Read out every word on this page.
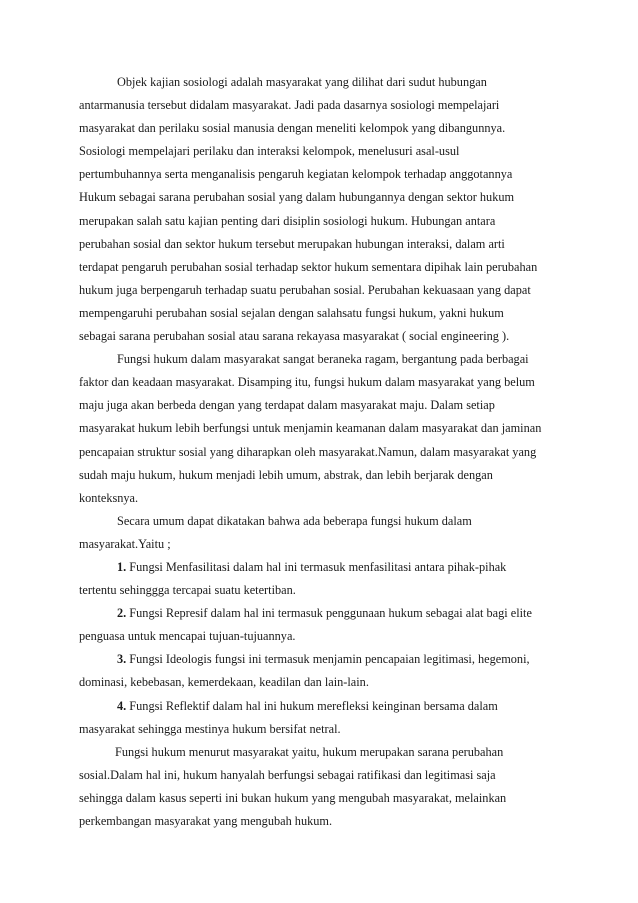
Objek kajian sosiologi adalah masyarakat yang dilihat dari sudut hubungan
antarmanusia tersebut didalam masyarakat. Jadi pada dasarnya sosiologi mempelajari
masyarakat dan perilaku sosial manusia dengan meneliti kelompok yang dibangunnya.
Sosiologi mempelajari perilaku dan interaksi kelompok, menelusuri asal-usul
pertumbuhannya serta menganalisis pengaruh kegiatan kelompok terhadap anggotannya
Hukum sebagai sarana perubahan sosial yang dalam hubungannya dengan sektor hukum
merupakan salah satu kajian penting dari disiplin sosiologi hukum. Hubungan antara
perubahan sosial dan sektor hukum tersebut merupakan hubungan interaksi, dalam arti
terdapat pengaruh perubahan sosial terhadap sektor hukum sementara dipihak lain perubahan
hukum juga berpengaruh terhadap suatu perubahan sosial. Perubahan kekuasaan yang dapat
mempengaruhi perubahan sosial sejalan dengan salahsatu fungsi hukum, yakni hukum
sebagai sarana perubahan sosial atau sarana rekayasa masyarakat ( social engineering ).
Fungsi hukum dalam masyarakat sangat beraneka ragam, bergantung pada berbagai
faktor dan keadaan masyarakat. Disamping itu, fungsi hukum dalam masyarakat yang belum
maju juga akan berbeda dengan yang terdapat dalam masyarakat maju. Dalam setiap
masyarakat hukum lebih berfungsi untuk menjamin keamanan dalam masyarakat dan jaminan
pencapaian struktur sosial yang diharapkan oleh masyarakat.Namun, dalam masyarakat yang
sudah maju hukum, hukum menjadi lebih umum, abstrak, dan lebih berjarak dengan
konteksnya.
Secara umum dapat dikatakan bahwa ada beberapa fungsi hukum dalam
masyarakat.Yaitu ;
1. Fungsi Menfasilitasi dalam hal ini termasuk menfasilitasi antara pihak-pihak
tertentu sehinggga tercapai suatu ketertiban.
2. Fungsi Represif dalam hal ini termasuk penggunaan hukum sebagai alat bagi elite
penguasa untuk mencapai tujuan-tujuannya.
3. Fungsi Ideologis fungsi ini termasuk menjamin pencapaian legitimasi, hegemoni,
dominasi, kebebasan, kemerdekaan, keadilan dan lain-lain.
4. Fungsi Reflektif dalam hal ini hukum merefleksi keinginan bersama dalam
masyarakat sehingga mestinya hukum bersifat netral.
Fungsi hukum menurut masyarakat yaitu, hukum merupakan sarana perubahan
sosial.Dalam hal ini, hukum hanyalah berfungsi sebagai ratifikasi dan legitimasi saja
sehingga dalam kasus seperti ini bukan hukum yang mengubah masyarakat, melainkan
perkembangan masyarakat yang mengubah hukum.
